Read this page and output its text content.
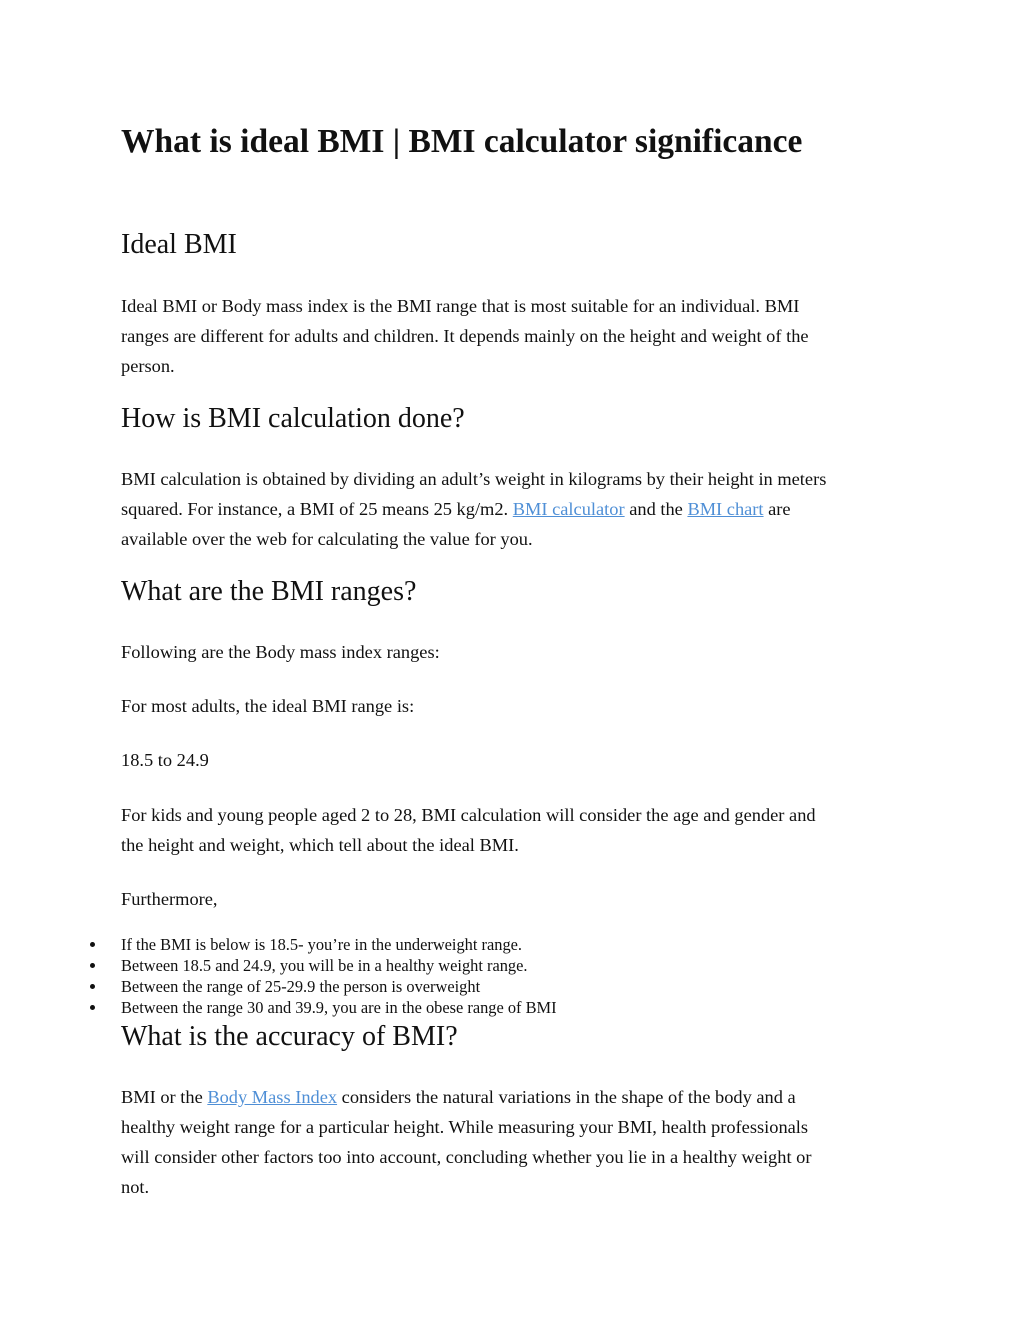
What is ideal BMI | BMI calculator significance
Ideal BMI
Ideal BMI or Body mass index is the BMI range that is most suitable for an individual. BMI
ranges are different for adults and children. It depends mainly on the height and weight of the
person.
How is BMI calculation done?
BMI calculation is obtained by dividing an adult’s weight in kilograms by their height in meters
squared. For instance, a BMI of 25 means 25 kg/m2. BMI calculator and the BMI chart are
available over the web for calculating the value for you.
What are the BMI ranges?
Following are the Body mass index ranges:
For most adults, the ideal BMI range is:
18.5 to 24.9
For kids and young people aged 2 to 28, BMI calculation will consider the age and gender and
the height and weight, which tell about the ideal BMI.
Furthermore,
If the BMI is below is 18.5- you’re in the underweight range.
Between 18.5 and 24.9, you will be in a healthy weight range.
Between the range of 25-29.9 the person is overweight
Between the range 30 and 39.9, you are in the obese range of BMI
What is the accuracy of BMI?
BMI or the Body Mass Index considers the natural variations in the shape of the body and a
healthy weight range for a particular height. While measuring your BMI, health professionals
will consider other factors too into account, concluding whether you lie in a healthy weight or
not.
